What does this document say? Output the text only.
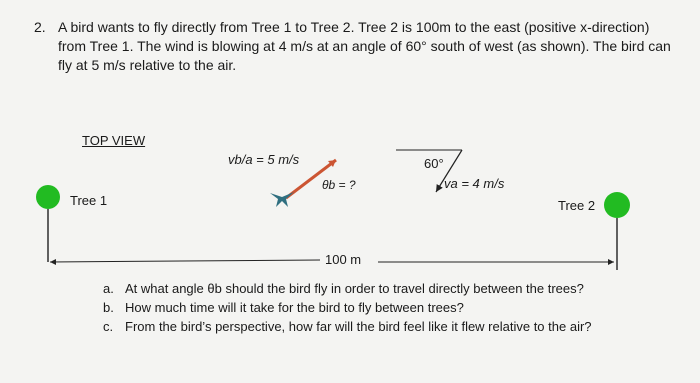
2. A bird wants to fly directly from Tree 1 to Tree 2. Tree 2 is 100m to the east (positive x-direction) from Tree 1. The wind is blowing at 4 m/s at an angle of 60° south of west (as shown). The bird can fly at 5 m/s relative to the air.
TOP VIEW
Tree 1	Tree 2
vb/a = 5 m/s
θb = ?
60°
va = 4 m/s
100 m
a. At what angle θb should the bird fly in order to travel directly between the trees?
b. How much time will it take for the bird to fly between trees?
c. From the bird’s perspective, how far will the bird feel like it flew relative to the air?
